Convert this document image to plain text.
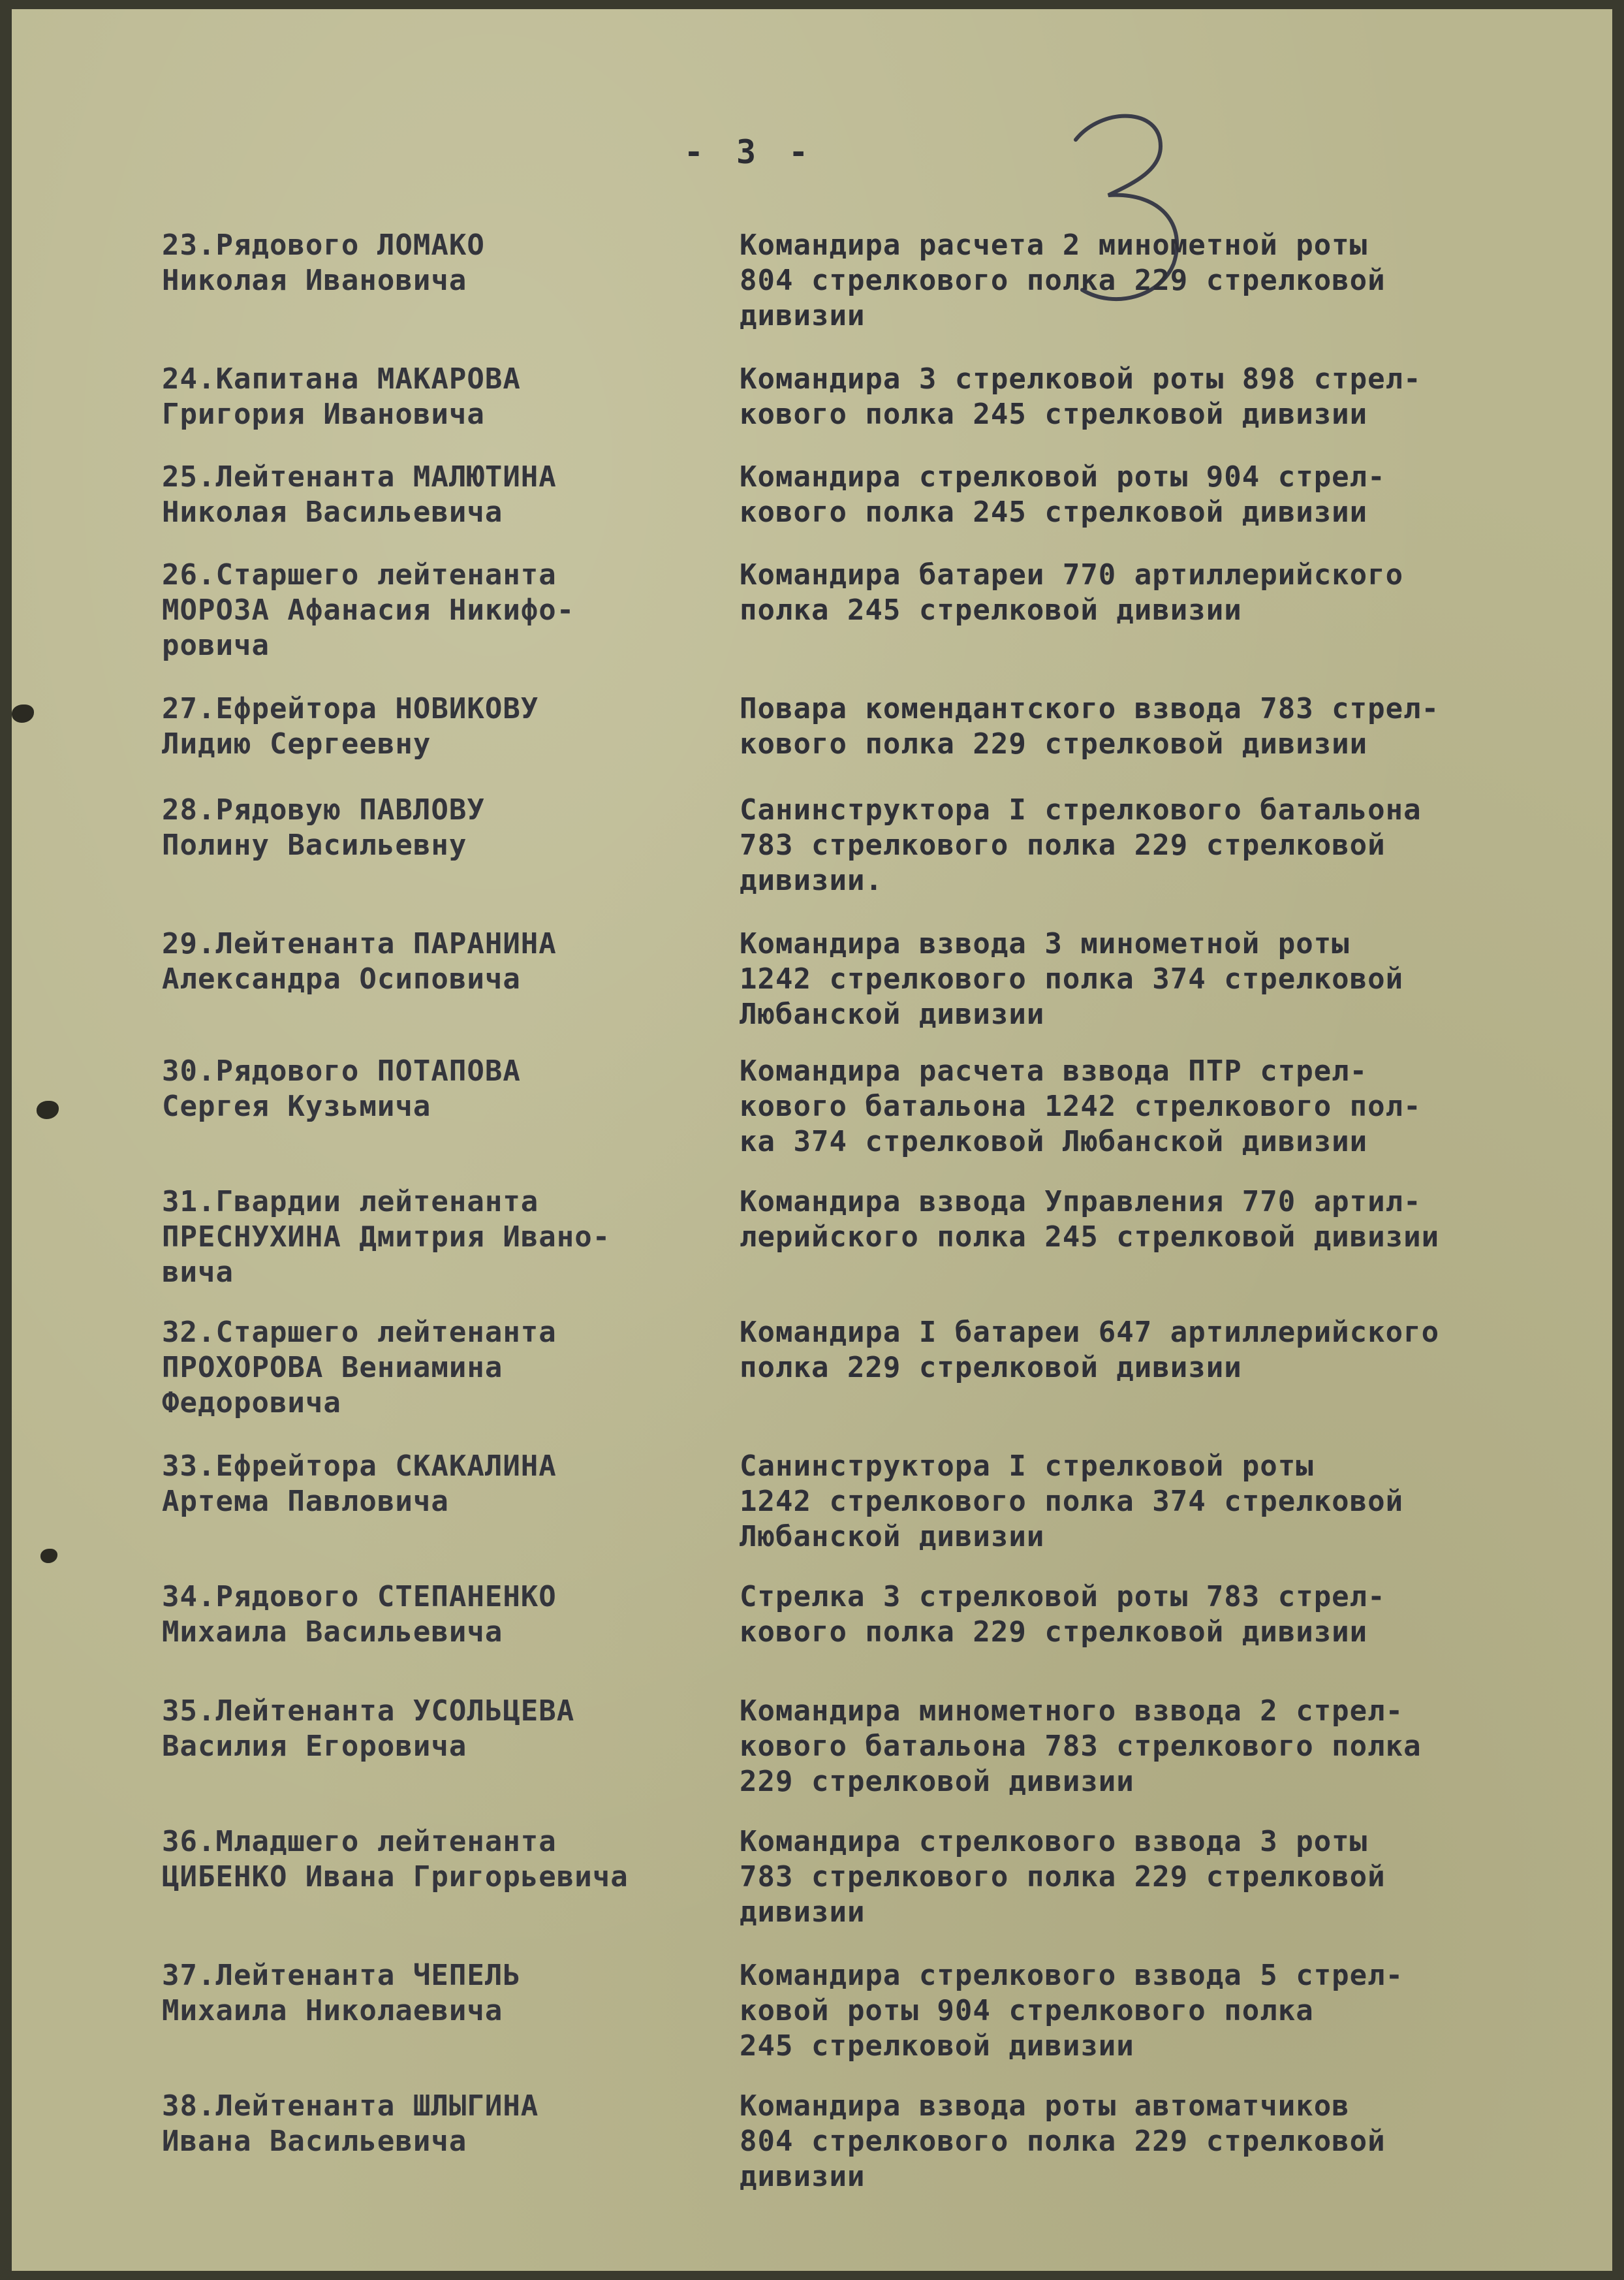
- 3 -
23.Рядового ЛОМАКО
Николая Ивановича
Командира расчета 2 минометной роты
804 стрелкового полка 229 стрелковой
дивизии
24.Капитана МАКАРОВА
Григория Ивановича
Командира 3 стрелковой роты 898 стрел-
кового полка 245 стрелковой дивизии
25.Лейтенанта МАЛЮТИНА
Николая Васильевича
Командира стрелковой роты 904 стрел-
кового полка 245 стрелковой дивизии
26.Старшего лейтенанта
МОРОЗА Афанасия Никифо-
ровича
Командира батареи 770 артиллерийского
полка 245 стрелковой дивизии
27.Ефрейтора НОВИКОВУ
Лидию Сергеевну
Повара комендантского взвода 783 стрел-
кового полка 229 стрелковой дивизии
28.Рядовую ПАВЛОВУ
Полину Васильевну
Санинструктора I стрелкового батальона
783 стрелкового полка 229 стрелковой
дивизии.
29.Лейтенанта ПАРАНИНА
Александра Осиповича
Командира взвода 3 минометной роты
1242 стрелкового полка 374 стрелковой
Любанской дивизии
30.Рядового ПОТАПОВА
Сергея Кузьмича
Командира расчета взвода ПТР стрел-
кового батальона 1242 стрелкового пол-
ка 374 стрелковой Любанской дивизии
31.Гвардии лейтенанта
ПРЕСНУХИНА Дмитрия Ивано-
вича
Командира взвода Управления 770 артил-
лерийского полка 245 стрелковой дивизии
32.Старшего лейтенанта
ПРОХОРОВА Вениамина
Федоровича
Командира I батареи 647 артиллерийского
полка 229 стрелковой дивизии
33.Ефрейтора СКАКАЛИНА
Артема Павловича
Санинструктора I стрелковой роты
1242 стрелкового полка 374 стрелковой
Любанской дивизии
34.Рядового СТЕПАНЕНКО
Михаила Васильевича
Стрелка 3 стрелковой роты 783 стрел-
кового полка 229 стрелковой дивизии
35.Лейтенанта УСОЛЬЦЕВА
Василия Егоровича
Командира минометного взвода 2 стрел-
кового батальона 783 стрелкового полка
229 стрелковой дивизии
36.Младшего лейтенанта
ЦИБЕНКО Ивана Григорьевича
Командира стрелкового взвода 3 роты
783 стрелкового полка 229 стрелковой
дивизии
37.Лейтенанта ЧЕПЕЛЬ
Михаила Николаевича
Командира стрелкового взвода 5 стрел-
ковой роты 904 стрелкового полка
245 стрелковой дивизии
38.Лейтенанта ШЛЫГИНА
Ивана Васильевича
Командира взвода роты автоматчиков
804 стрелкового полка 229 стрелковой
дивизии
